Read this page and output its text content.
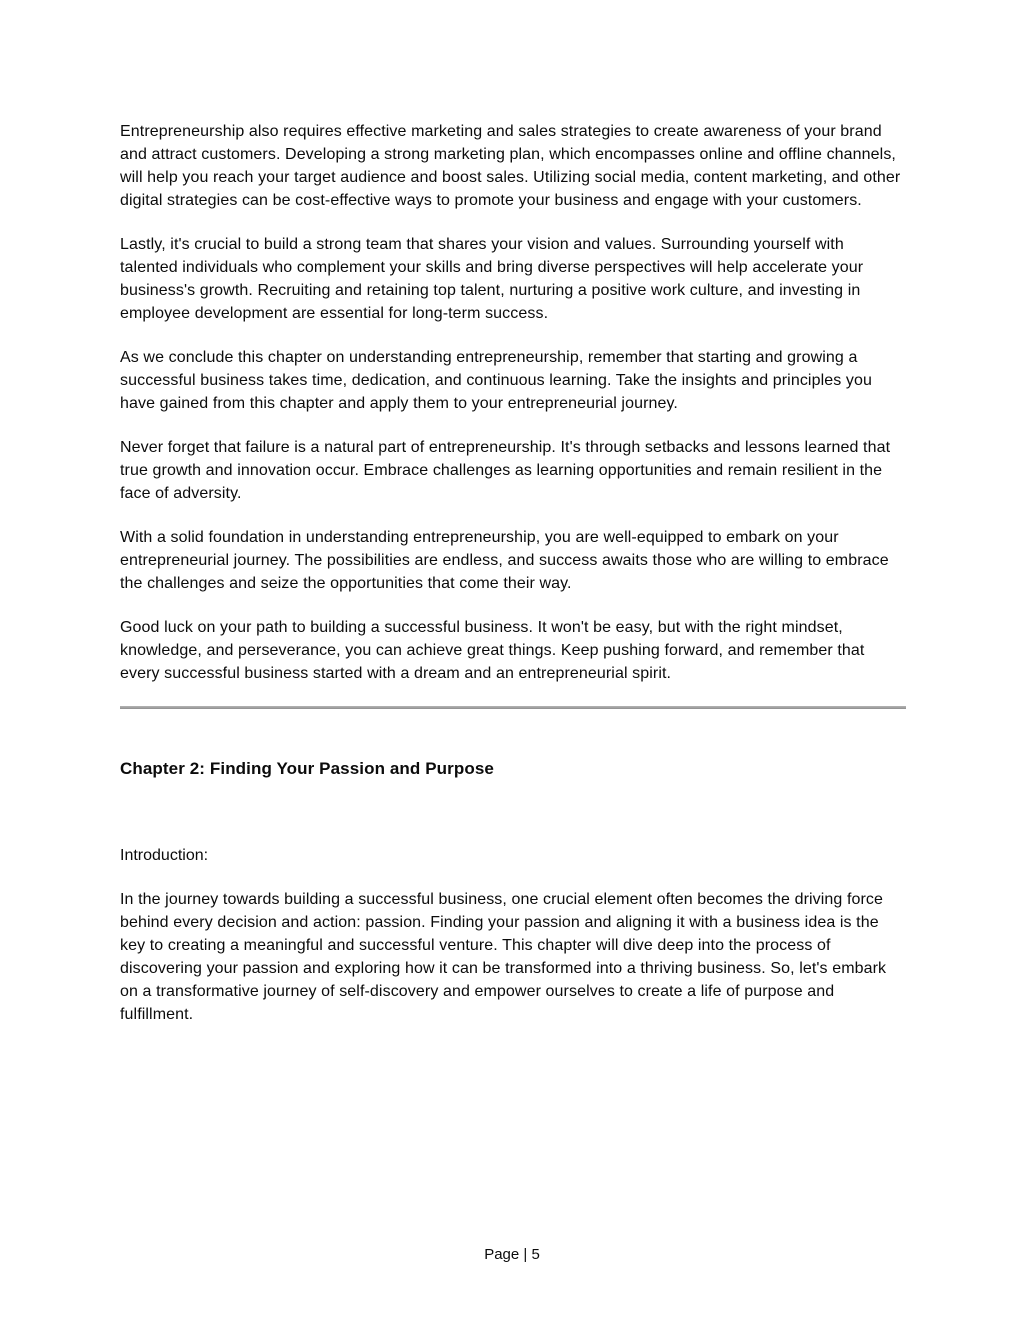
Entrepreneurship also requires effective marketing and sales strategies to create awareness of your brand and attract customers. Developing a strong marketing plan, which encompasses online and offline channels, will help you reach your target audience and boost sales. Utilizing social media, content marketing, and other digital strategies can be cost-effective ways to promote your business and engage with your customers.

Lastly, it's crucial to build a strong team that shares your vision and values. Surrounding yourself with talented individuals who complement your skills and bring diverse perspectives will help accelerate your business's growth. Recruiting and retaining top talent, nurturing a positive work culture, and investing in employee development are essential for long-term success.

As we conclude this chapter on understanding entrepreneurship, remember that starting and growing a successful business takes time, dedication, and continuous learning. Take the insights and principles you have gained from this chapter and apply them to your entrepreneurial journey.

Never forget that failure is a natural part of entrepreneurship. It's through setbacks and lessons learned that true growth and innovation occur. Embrace challenges as learning opportunities and remain resilient in the face of adversity.

With a solid foundation in understanding entrepreneurship, you are well-equipped to embark on your entrepreneurial journey. The possibilities are endless, and success awaits those who are willing to embrace the challenges and seize the opportunities that come their way.

Good luck on your path to building a successful business. It won't be easy, but with the right mindset, knowledge, and perseverance, you can achieve great things. Keep pushing forward, and remember that every successful business started with a dream and an entrepreneurial spirit.

Chapter 2: Finding Your Passion and Purpose

Introduction:

In the journey towards building a successful business, one crucial element often becomes the driving force behind every decision and action: passion. Finding your passion and aligning it with a business idea is the key to creating a meaningful and successful venture. This chapter will dive deep into the process of discovering your passion and exploring how it can be transformed into a thriving business. So, let's embark on a transformative journey of self-discovery and empower ourselves to create a life of purpose and fulfillment.

Page | 5
